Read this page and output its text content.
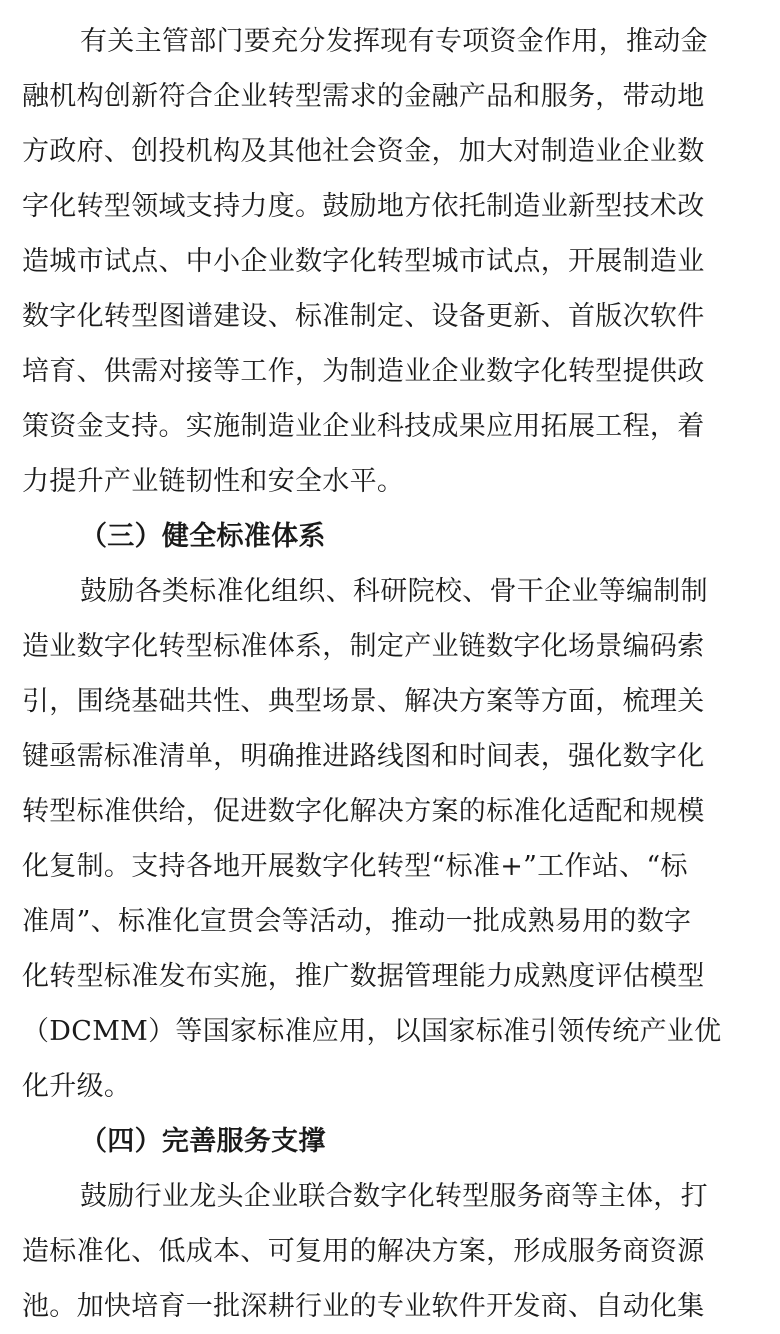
有关主管部门要充分发挥现有专项资金作用，推动金
融机构创新符合企业转型需求的金融产品和服务，带动地
方政府、创投机构及其他社会资金，加大对制造业企业数
字化转型领域支持力度。鼓励地方依托制造业新型技术改
造城市试点、中小企业数字化转型城市试点，开展制造业
数字化转型图谱建设、标准制定、设备更新、首版次软件
培育、供需对接等工作，为制造业企业数字化转型提供政
策资金支持。实施制造业企业科技成果应用拓展工程，着
力提升产业链韧性和安全水平。
（三）健全标准体系
鼓励各类标准化组织、科研院校、骨干企业等编制制
造业数字化转型标准体系，制定产业链数字化场景编码索
引，围绕基础共性、典型场景、解决方案等方面，梳理关
键亟需标准清单，明确推进路线图和时间表，强化数字化
转型标准供给，促进数字化解决方案的标准化适配和规模
化复制。支持各地开展数字化转型“标准+”工作站、“标
准周”、标准化宣贯会等活动，推动一批成熟易用的数字
化转型标准发布实施，推广数据管理能力成熟度评估模型
（DCMM）等国家标准应用，以国家标准引领传统产业优
化升级。
（四）完善服务支撑
鼓励行业龙头企业联合数字化转型服务商等主体，打
造标准化、低成本、可复用的解决方案，形成服务商资源
池。加快培育一批深耕行业的专业软件开发商、自动化集
